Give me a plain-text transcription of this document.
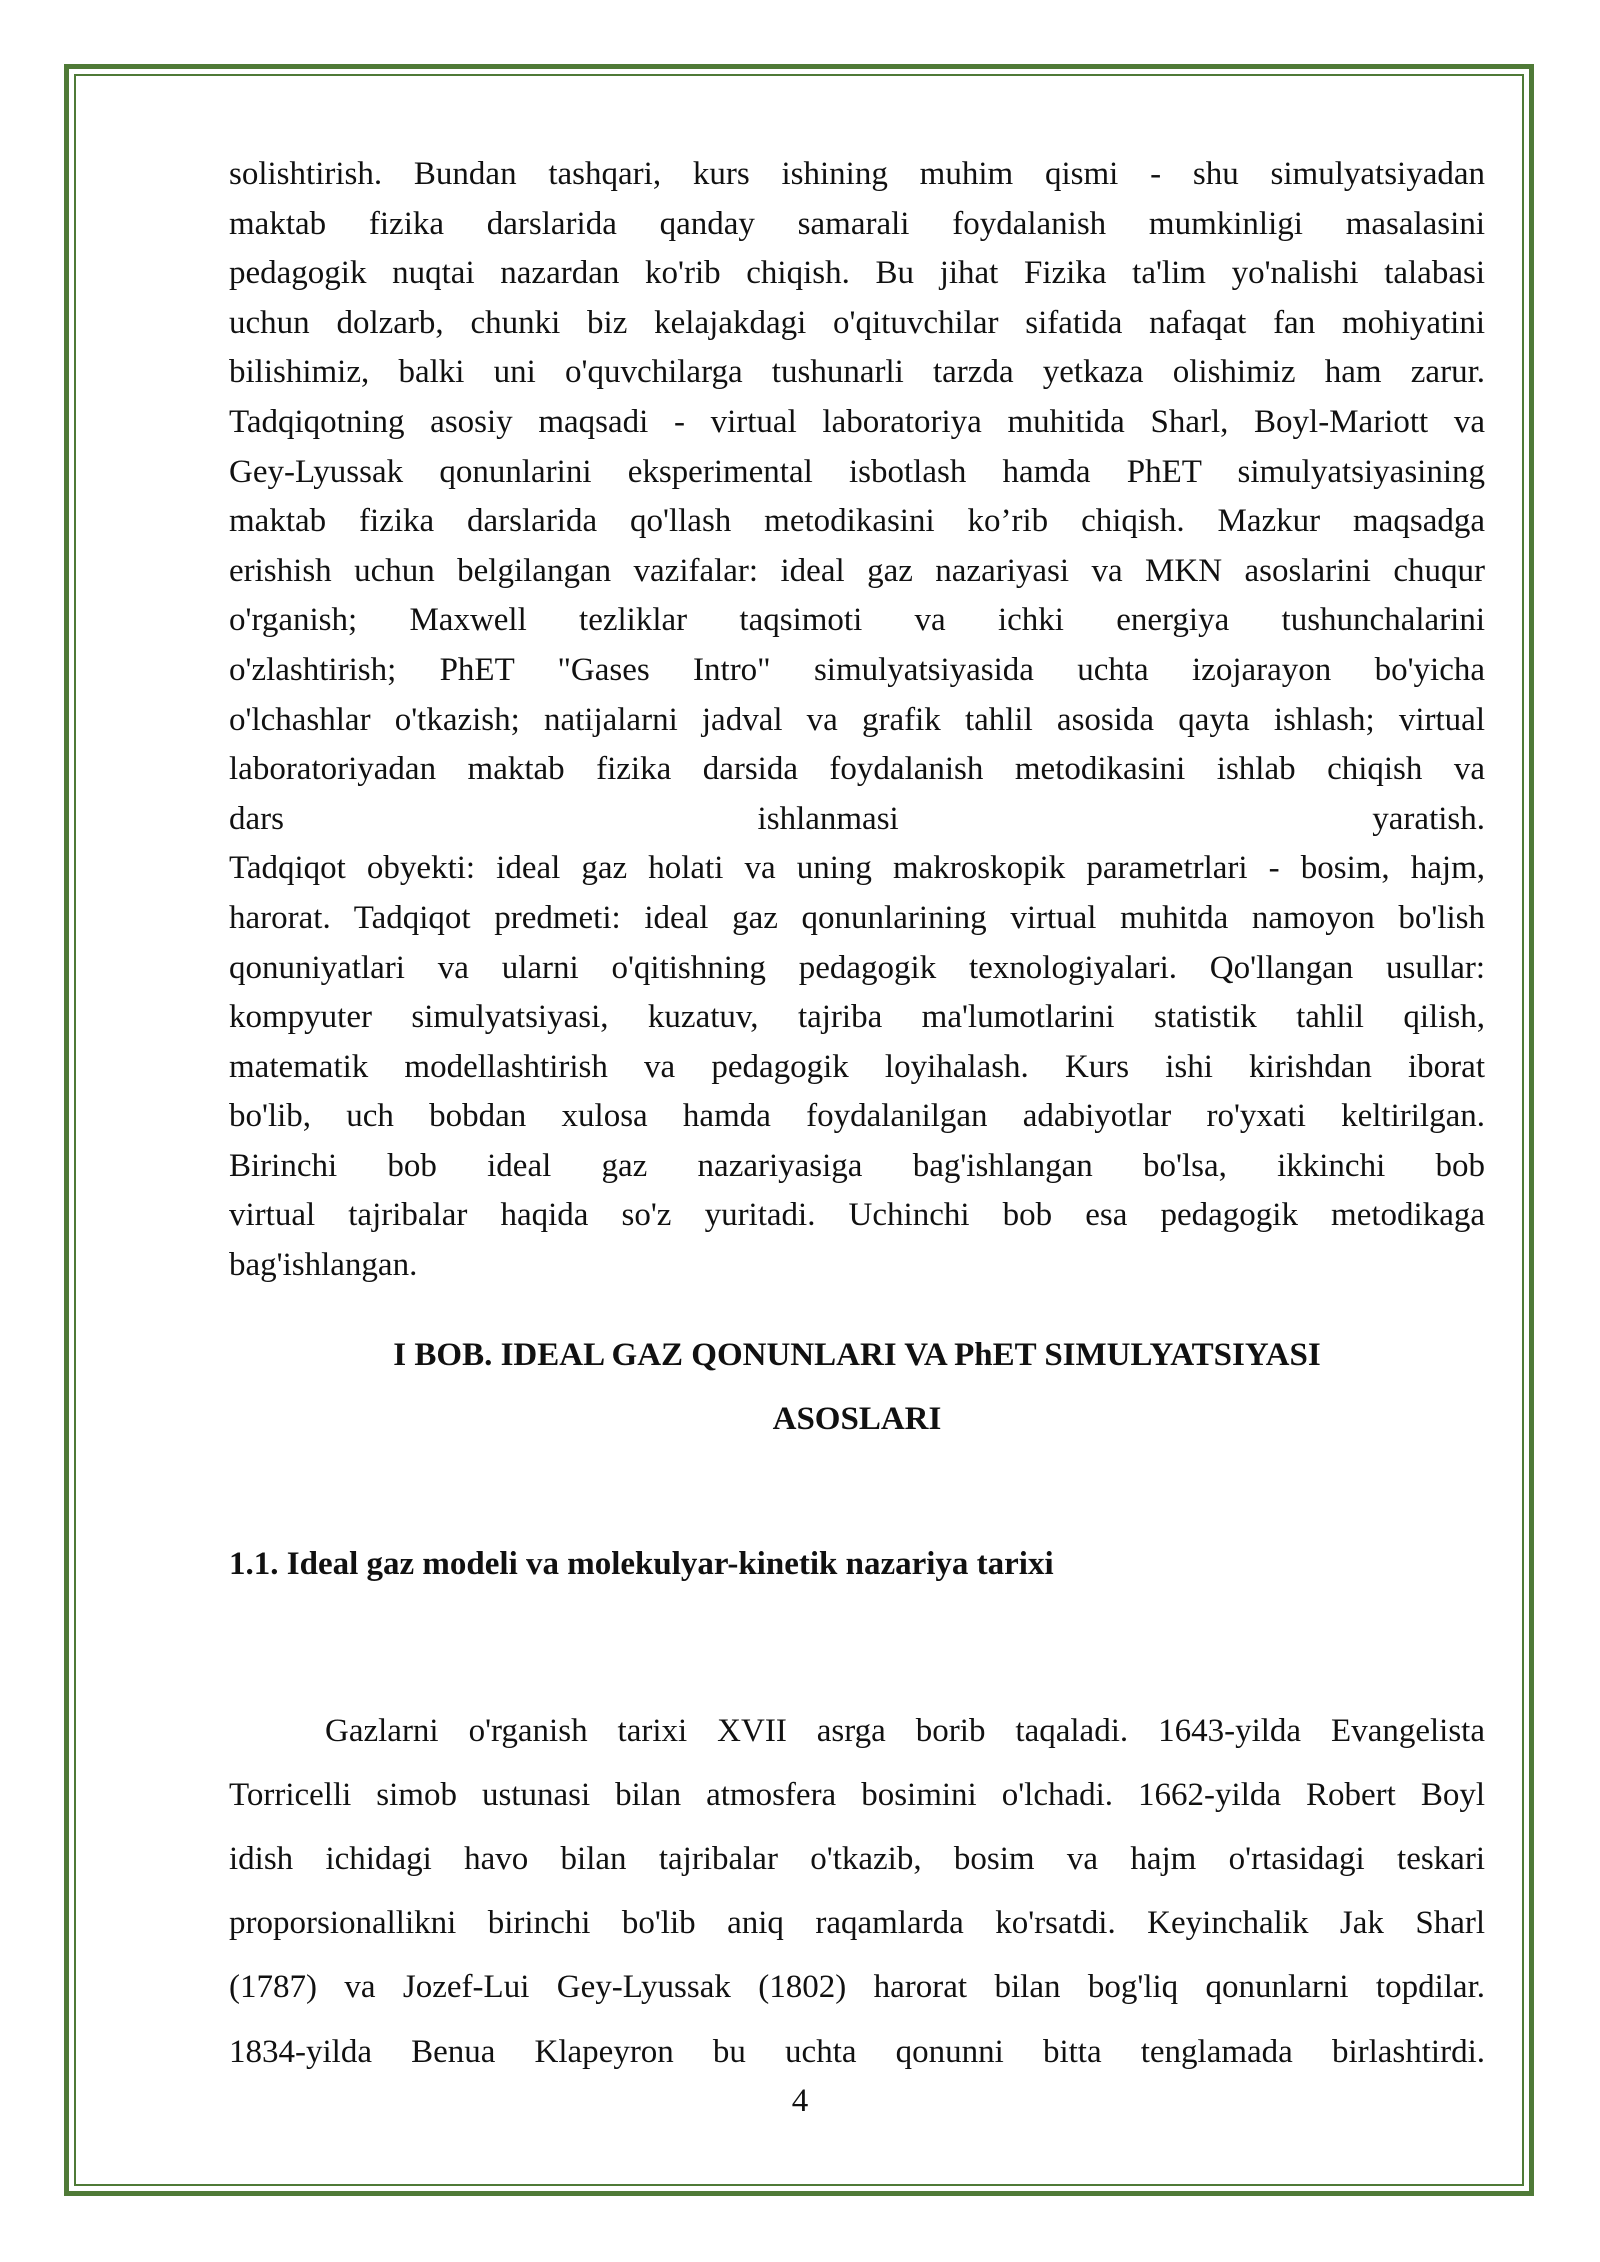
solishtirish. Bundan tashqari, kurs ishining muhim qismi - shu simulyatsiyadan
maktab fizika darslarida qanday samarali foydalanish mumkinligi masalasini
pedagogik nuqtai nazardan ko'rib chiqish. Bu jihat Fizika ta'lim yo'nalishi talabasi
uchun dolzarb, chunki biz kelajakdagi o'qituvchilar sifatida nafaqat fan mohiyatini
bilishimiz, balki uni o'quvchilarga tushunarli tarzda yetkaza olishimiz ham zarur.
Tadqiqotning asosiy maqsadi - virtual laboratoriya muhitida Sharl, Boyl-Mariott va
Gey-Lyussak qonunlarini eksperimental isbotlash hamda PhET simulyatsiyasining
maktab fizika darslarida qo'llash metodikasini ko’rib chiqish. Mazkur maqsadga
erishish uchun belgilangan vazifalar: ideal gaz nazariyasi va MKN asoslarini chuqur
o'rganish; Maxwell tezliklar taqsimoti va ichki energiya tushunchalarini
o'zlashtirish; PhET "Gases Intro" simulyatsiyasida uchta izojarayon bo'yicha
o'lchashlar o'tkazish; natijalarni jadval va grafik tahlil asosida qayta ishlash; virtual
laboratoriyadan maktab fizika darsida foydalanish metodikasini ishlab chiqish va
dars ishlanmasi yaratish.
Tadqiqot obyekti: ideal gaz holati va uning makroskopik parametrlari - bosim, hajm,
harorat. Tadqiqot predmeti: ideal gaz qonunlarining virtual muhitda namoyon bo'lish
qonuniyatlari va ularni o'qitishning pedagogik texnologiyalari. Qo'llangan usullar:
kompyuter simulyatsiyasi, kuzatuv, tajriba ma'lumotlarini statistik tahlil qilish,
matematik modellashtirish va pedagogik loyihalash. Kurs ishi kirishdan iborat
bo'lib, uch bobdan xulosa hamda foydalanilgan adabiyotlar ro'yxati keltirilgan.
Birinchi bob ideal gaz nazariyasiga bag'ishlangan bo'lsa, ikkinchi bob
virtual tajribalar haqida so'z yuritadi. Uchinchi bob esa pedagogik metodikaga
bag'ishlangan.

I BOB. IDEAL GAZ QONUNLARI VA PhET SIMULYATSIYASI
ASOSLARI
1.1. Ideal gaz modeli va molekulyar-kinetik nazariya tarixi

Gazlarni o'rganish tarixi XVII asrga borib taqaladi. 1643-yilda Evangelista
Torricelli simob ustunasi bilan atmosfera bosimini o'lchadi. 1662-yilda Robert Boyl
idish ichidagi havo bilan tajribalar o'tkazib, bosim va hajm o'rtasidagi teskari
proporsionallikni birinchi bo'lib aniq raqamlarda ko'rsatdi. Keyinchalik Jak Sharl
(1787) va Jozef-Lui Gey-Lyussak (1802) harorat bilan bog'liq qonunlarni topdilar.
1834-yilda Benua Klapeyron bu uchta qonunni bitta tenglamada birlashtirdi.

4
